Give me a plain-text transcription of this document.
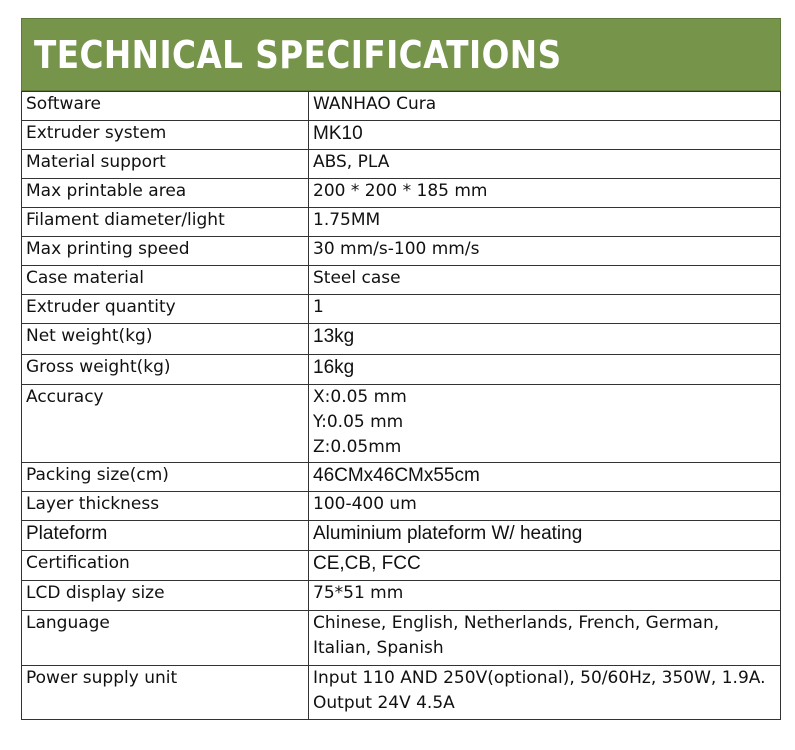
TECHNICAL SPECIFICATIONS
Software	WANHAO Cura
Extruder system	MK10
Material support	ABS, PLA
Max printable area	200 * 200 * 185 mm
Filament diameter/light	1.75MM
Max printing speed	30 mm/s-100 mm/s
Case material	Steel case
Extruder quantity	1
Net weight(kg)	13kg
Gross weight(kg)	16kg
Accuracy	X:0.05 mm
Y:0.05 mm
Z:0.05mm
Packing size(cm)	46CMx46CMx55cm
Layer thickness	100-400 um
Plateform	Aluminium plateform W/ heating
Certification	CE,CB, FCC
LCD display size	75*51 mm
Language	Chinese, English, Netherlands, French, German, Italian, Spanish
Power supply unit	Input 110 AND 250V(optional), 50/60Hz, 350W, 1.9A. Output 24V 4.5A
